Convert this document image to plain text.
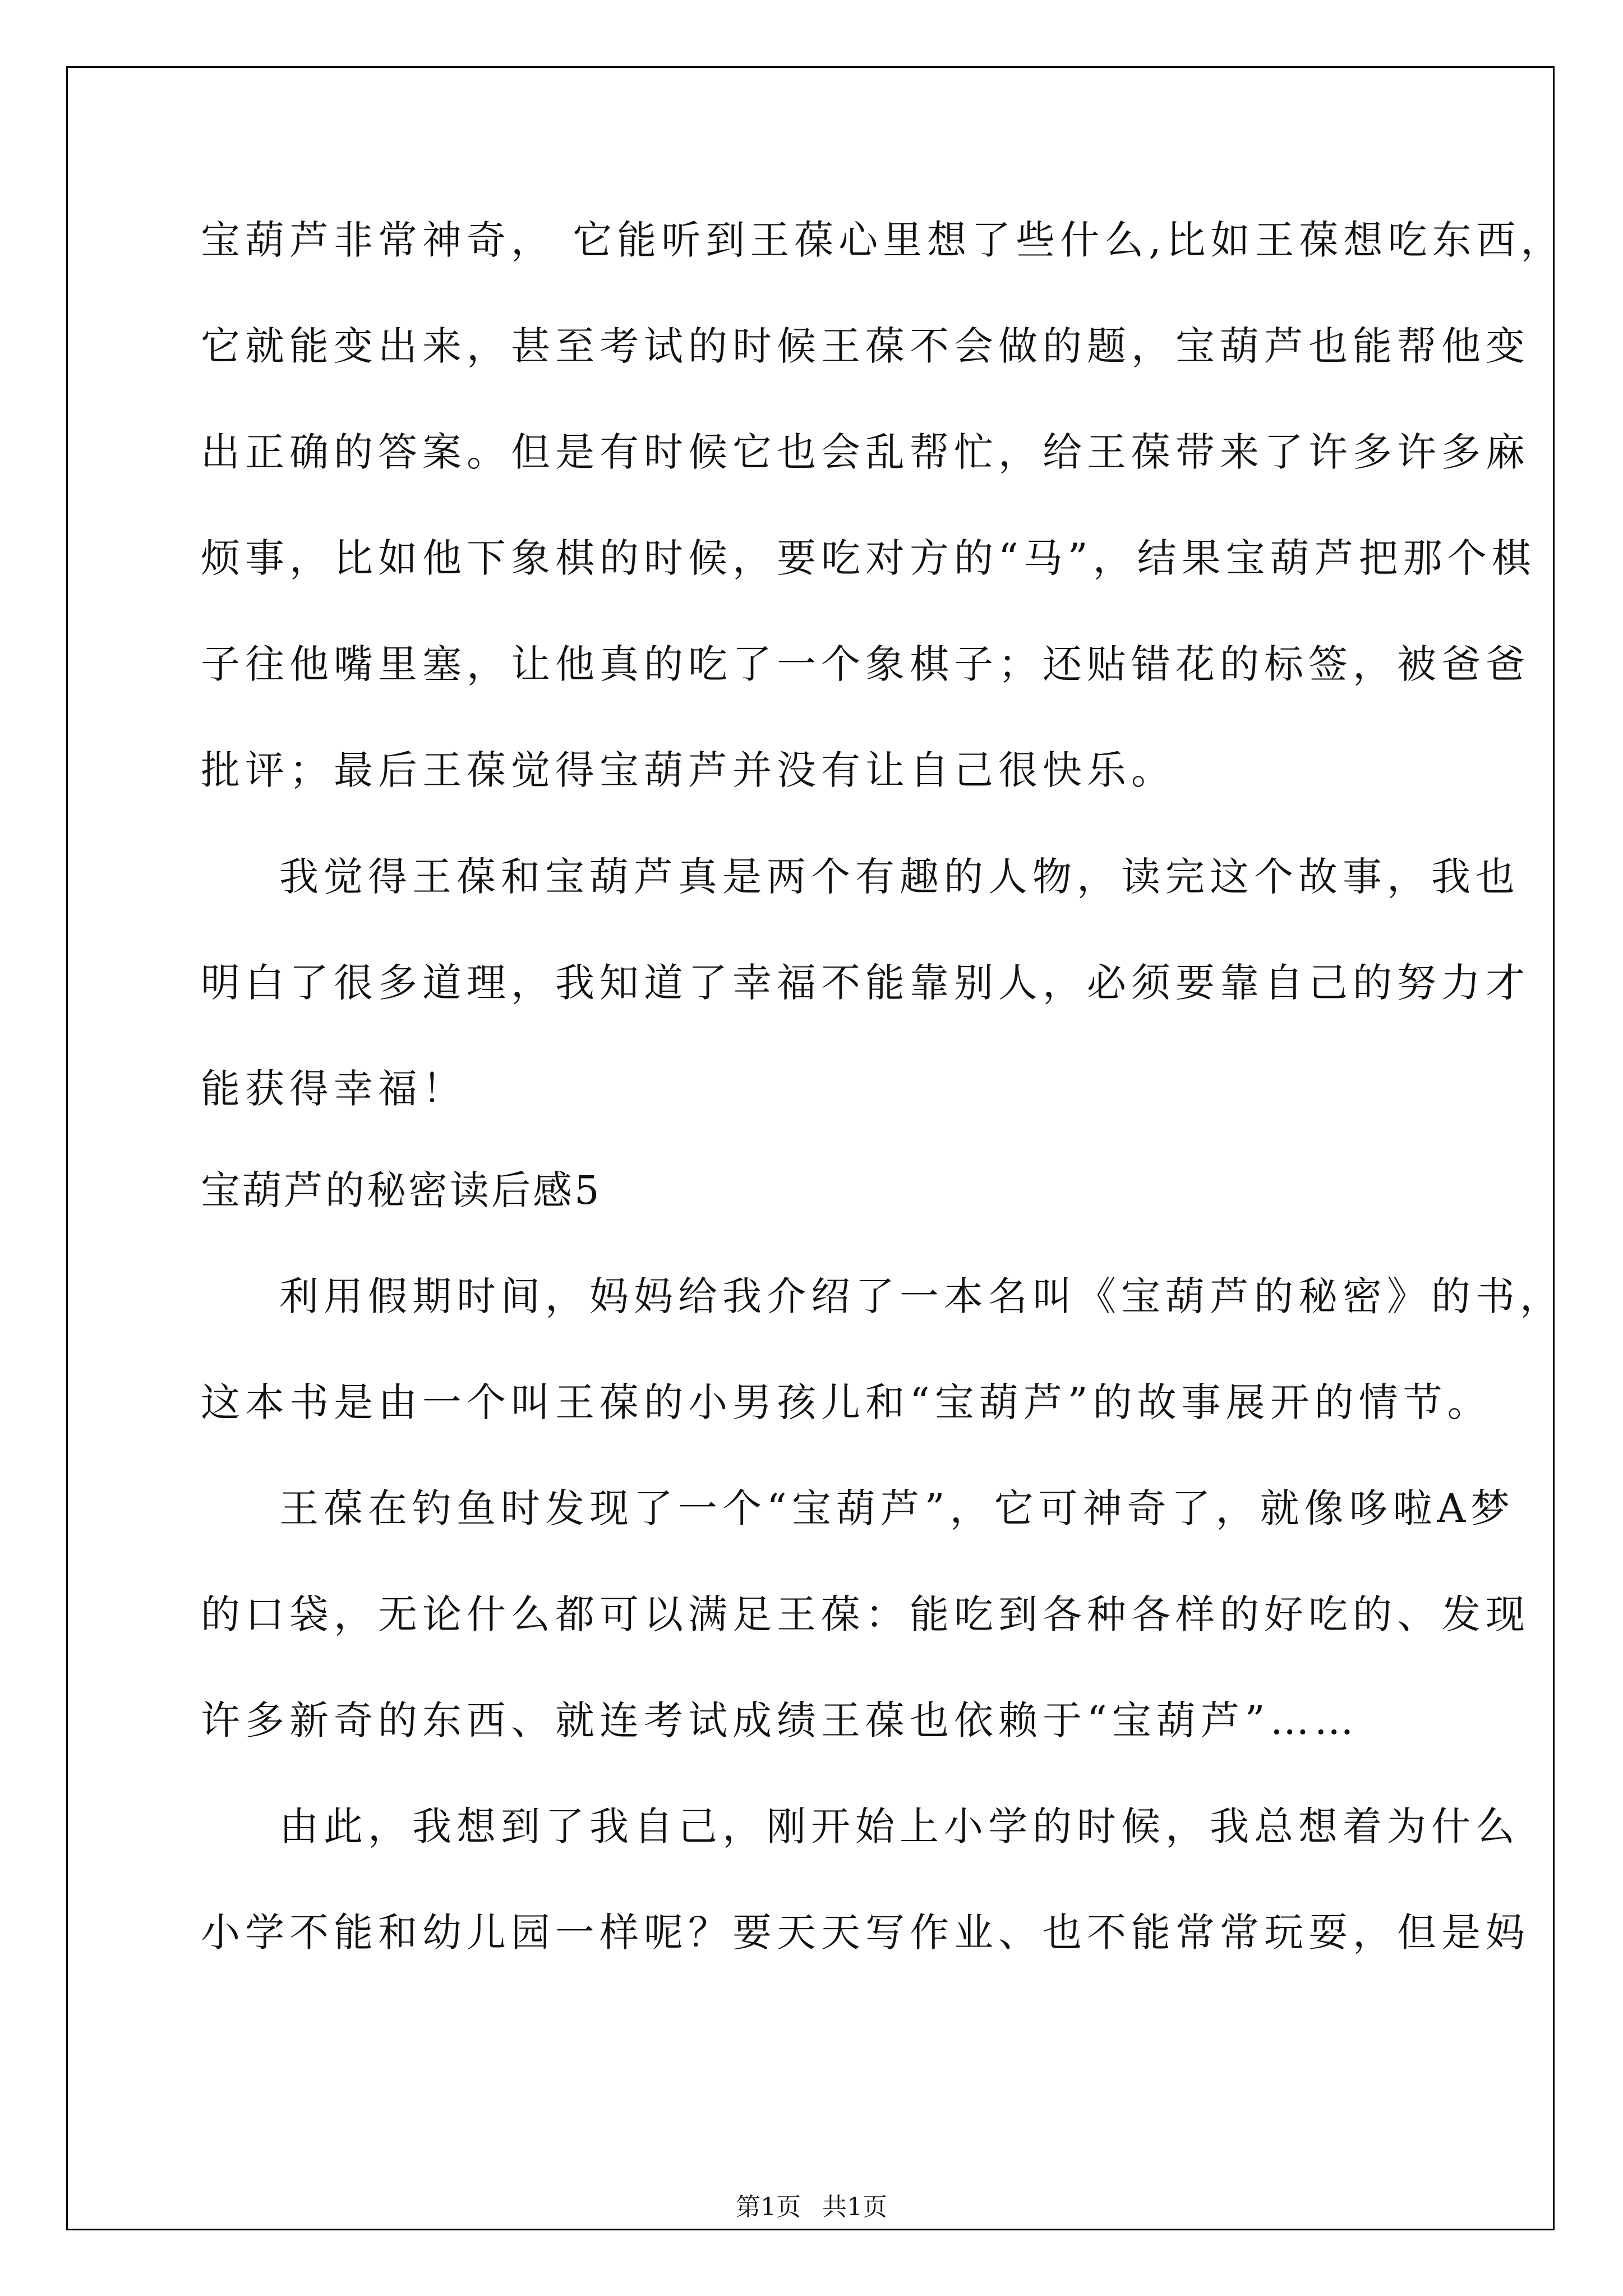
宝葫芦非常神奇， 它能听到王葆心里想了些什么,比如王葆想吃东西，
它就能变出来，甚至考试的时候王葆不会做的题，宝葫芦也能帮他变
出正确的答案。但是有时候它也会乱帮忙，给王葆带来了许多许多麻
烦事，比如他下象棋的时候，要吃对方的“马”，结果宝葫芦把那个棋
子往他嘴里塞，让他真的吃了一个象棋子；还贴错花的标签，被爸爸
批评；最后王葆觉得宝葫芦并没有让自己很快乐。
我觉得王葆和宝葫芦真是两个有趣的人物，读完这个故事，我也
明白了很多道理，我知道了幸福不能靠别人，必须要靠自己的努力才
能获得幸福！
宝葫芦的秘密读后感5
利用假期时间，妈妈给我介绍了一本名叫《宝葫芦的秘密》的书，
这本书是由一个叫王葆的小男孩儿和“宝葫芦”的故事展开的情节。
王葆在钓鱼时发现了一个“宝葫芦”，它可神奇了，就像哆啦A梦
的口袋，无论什么都可以满足王葆：能吃到各种各样的好吃的、发现
许多新奇的东西、就连考试成绩王葆也依赖于“宝葫芦”……
由此，我想到了我自己，刚开始上小学的时候，我总想着为什么
小学不能和幼儿园一样呢？要天天写作业、也不能常常玩耍，但是妈
第1页 共1页
